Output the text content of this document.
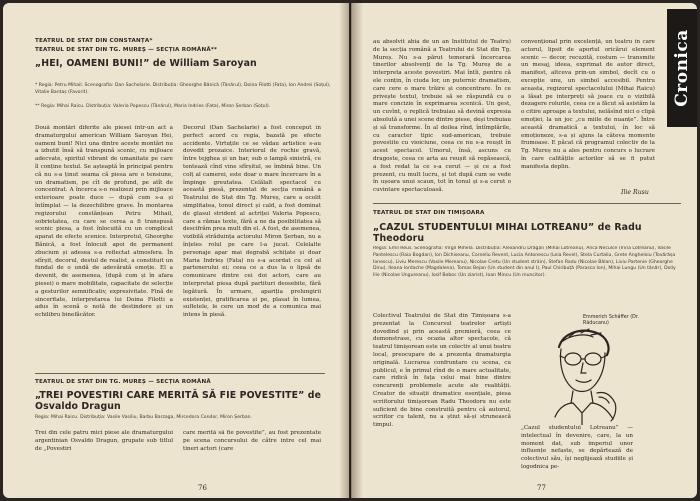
TEATRUL DE STAT DIN CONSTANȚA*
TEATRUL DE STAT DIN TG. MUREȘ — SECȚIA ROMÂNĂ**
„HEI, OAMENI BUNI!” de William Saroyan
* Regia: Petru Mihail. Scenografia: Dan Sachelarie. Distribuția: Gheorghe Bănică (Tânărul), Doina Filotti (Fata), Ion Andrei (Soțul), Vitalie Bantaș (Favorit).
** Regia: Mihai Raicu. Distribuția: Valeria Popescu (Tânărul), Maria Indries (Fata), Miron Șerban (Soțul).
Două montări diferite ale piesei într-un act a dramaturgului american William Saroyan Hei, oameni buni! Nici una dintre aceste montări nu a izbutit însă să transpună scenic, cu mijloace adecvate, spiritul vibrant de umanitate pe care îl conține textul. Se așteaptă în principal pentru că nu s-a ținut seama că piesa are o tensiune, un dramatism, pe cît de profund, pe atît de concentrat. A încerca s-o realizezi prin mijloace exterioare poate duce — după cum s-a și întîmplat — la dezechilibre grave. În montarea regizorului constănțean Petru Mihail, sobrietatea, cu care se cerea a fi transpusă scenic piesa, a fost înlocuită cu un complicat aparat de efecte scenice. Interpretul, Gheorghe Bănică, a fost înlocuit apoi de permanent zbucium și adesea s-a reflectat atmosfera. În sfîrșit, decorul, destul de realist, a constituit un fundal de o undă de adevărată emoție. El a devenit, de asemenea, (după cum și în afara piesei) o mare mobilitate, capacitate de selecție a gesturilor semnificativ, expresivitate. Fină de sinceritate, interpretarea lui Doina Filotti a adus în scenă o notă de destindere și un echilibru binefăcător.
Decorul (Dan Sachelarie) a fost conceput în perfect acord cu regia, bazată pe efecte accidente. Virtuțile ce se vădau artistice s-au dovedit prozaice. Interiorul de rochie gravă, între tejghea și un bar, sub o lampă sinistră, ce tentează cînd vine sfîrșitul, se îmbină bine. Un colț al camerei, este doar o mare încercare în a împinge greutatea. Celălalt spectacol cu această piesă, prezentat de secția română a Teatrului de Stat din Tg. Mureș, care a ocolit simplitatea, tonul direct și cald, a fost dominat de glasul strident al actriței Valeria Popescu, care a rămas texte, fără a ne da posibilitatea să descifrăm prea mult din el. A fost, de asemenea, vizibilă străduința actorului Miron Șerban, nu a înțeles rolul pe care l-a jucat. Celelalte personaje apar mai degrabă schițate și doar Maria Indrieș (Fata) nu s-a acordat cu cel al partenerului ei; ceea ce a dus la o lipsă de comunicare dintre cei doi actori, care au interpretat piesa după partituri deosebite, fără legătură. În urmare, apariția prelungirii existenței, gratificarea și pe, plasat în lumea, sufletele, le cere un mod de a comunica mai intens în piesă.
TEATRUL DE STAT DIN TG. MUREȘ — SECȚIA ROMÂNĂ
„TREI POVESTIRI CARE MERITĂ SĂ FIE POVESTITE” de Osvaldo Dragun
Regia: Mihai Raicu. Distribuția: Vasile Vasiliu, Barbu Barzaga, Mircedora Condor, Miron Șerban.
Trei din cele patru mici piese ale dramaturgului argentinian Osvaldo Dragun, grupate sub titlul de „Povestiri
care merită să fie povestite”, au fost prezentate pe scena concursului de către intre cel mai tineri actori (care
76
Cronica
au absolvit abia de un an Institutul de Teatru) de la secția română a Teatrului de Stat din Tg. Mureș. Nu s-a părut temerară încercarea tinerilor absolvenți de la Tg. Mureș de a interpreta aceste povestiri. Mai întîi, pentru că ele conțin, în ciuda lor, un puternic dramatism, care cere o mare trăire și concentrare. În ce privește textul, trebuie să se răspundă cu o mare concizie în exprimarea scenică. Un gest, un cuvînt, o replică trebuiau să devină expresia absolută a unei scene dintre piese, deși trebuiau și să transforme. În al doilea rînd, întîmplările, cu caracter tipic sud-american, trebuie povestite cu vioiciune, ceea ce nu s-a reușit în acest spectacol. Umorul, însă, ascuns cu dragoste, ceea ce arta au reușit să regăsească, a fost redat la ce s-a cerut — și ce a fost prezent, cu mult lucru, și tot după cum se vede în ușoara unui scaun, tot în tonul și s-a cerut o cuvintare spectaculoasă.
convențional prin excelență, un teatru în care actorul, lipsit de aportul oricărui element scenic — decor, recuzită, costum — transmite un mesaj, ideea, exprimat de autor direct, manifest, altceva prin-un simbol, decît cu o excepție unu, un simbol accesibil. Pentru aceasta, regizorul spectacolului (Mihai Raicu) a lăsat pe interpreți să joace cu o vizibilă dezagere rolurile, ceea ce a făcut să asistăm la o citire aproape a textului, nelăsînd nici o clipă emoției, la un joc „cu miile de nuanțe”. Între această dramatică a textului, în loc să emoționeze, s-a și ajuns la câteva momente frumoase. E păcat că programul colectiv de la Tg. Mureș nu a ales pentru concurs o lucrare în care calitățile actorilor să se fi putut manifesta deplin.
Ilie Rusu
TEATRUL DE STAT DIN TIMIȘOARA
„CAZUL STUDENTULUI MIHAI LOTREANU” de Radu Theodoru
Regia: Emil Reus. Scenografia: Virgil Mihela. Distribuția: Alexandru Drăgan (Mihai Lotreanu), Anca Neculce (Irina Lotreanu), Vasile Pantelescu (Raia Bogdan), Ion Dichiseanu, Corneliu Revent, Lucia Antonescu (Leia Revel), Stela Curtaliu, Grete Angheloiu (Tovărășa Ionescu), Liviu Merescu (Vasile Mereanu), Nicolae Cretu (Un student străin), Stefan Radu (Nicolae Bălan), Liviu Partenie (Gheorghe Dinu), Ileana Iordache (Magdalena), Tomas Bejan (Un student din anul I), Paul Chiribuță (Parasca Ion), Mihai Lungu (Un tânăr), Dolly Ilie (Nicolae Ungureanu), Iosif Boboc (Un ziarist), Ioan Mincu (Un muncitor).
Colectivul Teatrului de Stat din Timișoara s-a prezentat la Concursul teatrelor artiști dovedind și prin această premieră, ceea ce demonstrase, cu ocazia altor spectacole, că teatrul timișorean este un colectiv al unui teatru local, preocupare de a prezenta dramaturgia originală. Lucrarea confruntare cu scena, cu publicul, e în primul rînd de o mare actualitate, care ridică în fața celui mai bine dintre concurenți problemele acute ale realității. Creator de situații dramatice esențiale, piesa scriitorului timișorean Radu Theodoru nu este suficient de bine construită pentru că autorul, scriitor cu talent, nu a știut să-și strunească timpul.	„Cazul studentului Lotreanu” — intelectual în devenire, care, la un moment dat, sub imperiul unor influențe nefaste, se depărtează de colectivul său, își neglijează studiile și logodnica pe-
Emmerich Schäffer (Dr. Răducanu)
77
